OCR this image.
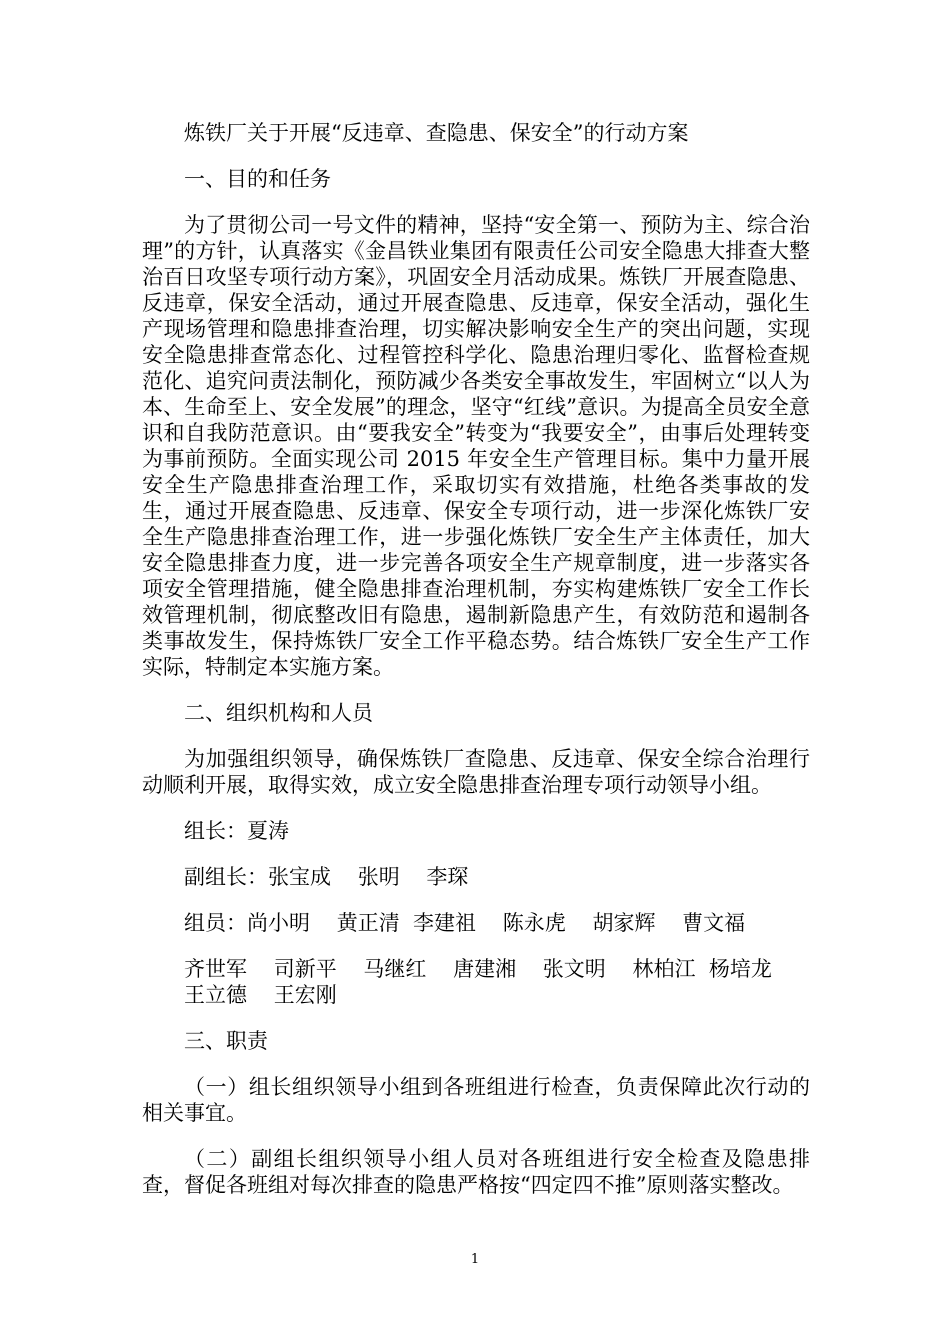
炼铁厂关于开展“反违章、查隐患、保安全”的行动方案
一、目的和任务

为了贯彻公司一号文件的精神，坚持“安全第一、预防为主、综合治理”的方针，认真落实《金昌铁业集团有限责任公司安全隐患大排查大整治百日攻坚专项行动方案》，巩固安全月活动成果。炼铁厂开展查隐患、反违章，保安全活动，通过开展查隐患、反违章，保安全活动，强化生产现场管理和隐患排查治理，切实解决影响安全生产的突出问题，实现安全隐患排查常态化、过程管控科学化、隐患治理归零化、监督检查规范化、追究问责法制化，预防减少各类安全事故发生，牢固树立“以人为本、生命至上、安全发展”的理念，坚守“红线”意识。为提高全员安全意识和自我防范意识。由“要我安全”转变为“我要安全”，由事后处理转变为事前预防。全面实现公司 2015 年安全生产管理目标。集中力量开展安全生产隐患排查治理工作，采取切实有效措施，杜绝各类事故的发生，通过开展查隐患、反违章、保安全专项行动，进一步深化炼铁厂安全生产隐患排查治理工作，进一步强化炼铁厂安全生产主体责任，加大安全隐患排查力度，进一步完善各项安全生产规章制度，进一步落实各项安全管理措施，健全隐患排查治理机制，夯实构建炼铁厂安全工作长效管理机制，彻底整改旧有隐患，遏制新隐患产生，有效防范和遏制各类事故发生，保持炼铁厂安全工作平稳态势。结合炼铁厂安全生产工作实际，特制定本实施方案。

二、组织机构和人员

为加强组织领导，确保炼铁厂查隐患、反违章、保安全综合治理行动顺利开展，取得实效，成立安全隐患排查治理专项行动领导小组。

组长：夏涛
副组长：张宝成    张明    李琛
组员：尚小明    黄正清  李建祖    陈永虎    胡家辉    曹文福
齐世军    司新平    马继红    唐建湘    张文明    林柏江  杨培龙
王立德    王宏刚
三、职责

（一）组长组织领导小组到各班组进行检查，负责保障此次行动的相关事宜。

（二）副组长组织领导小组人员对各班组进行安全检查及隐患排查，督促各班组对每次排查的隐患严格按“四定四不推”原则落实整改。

1
